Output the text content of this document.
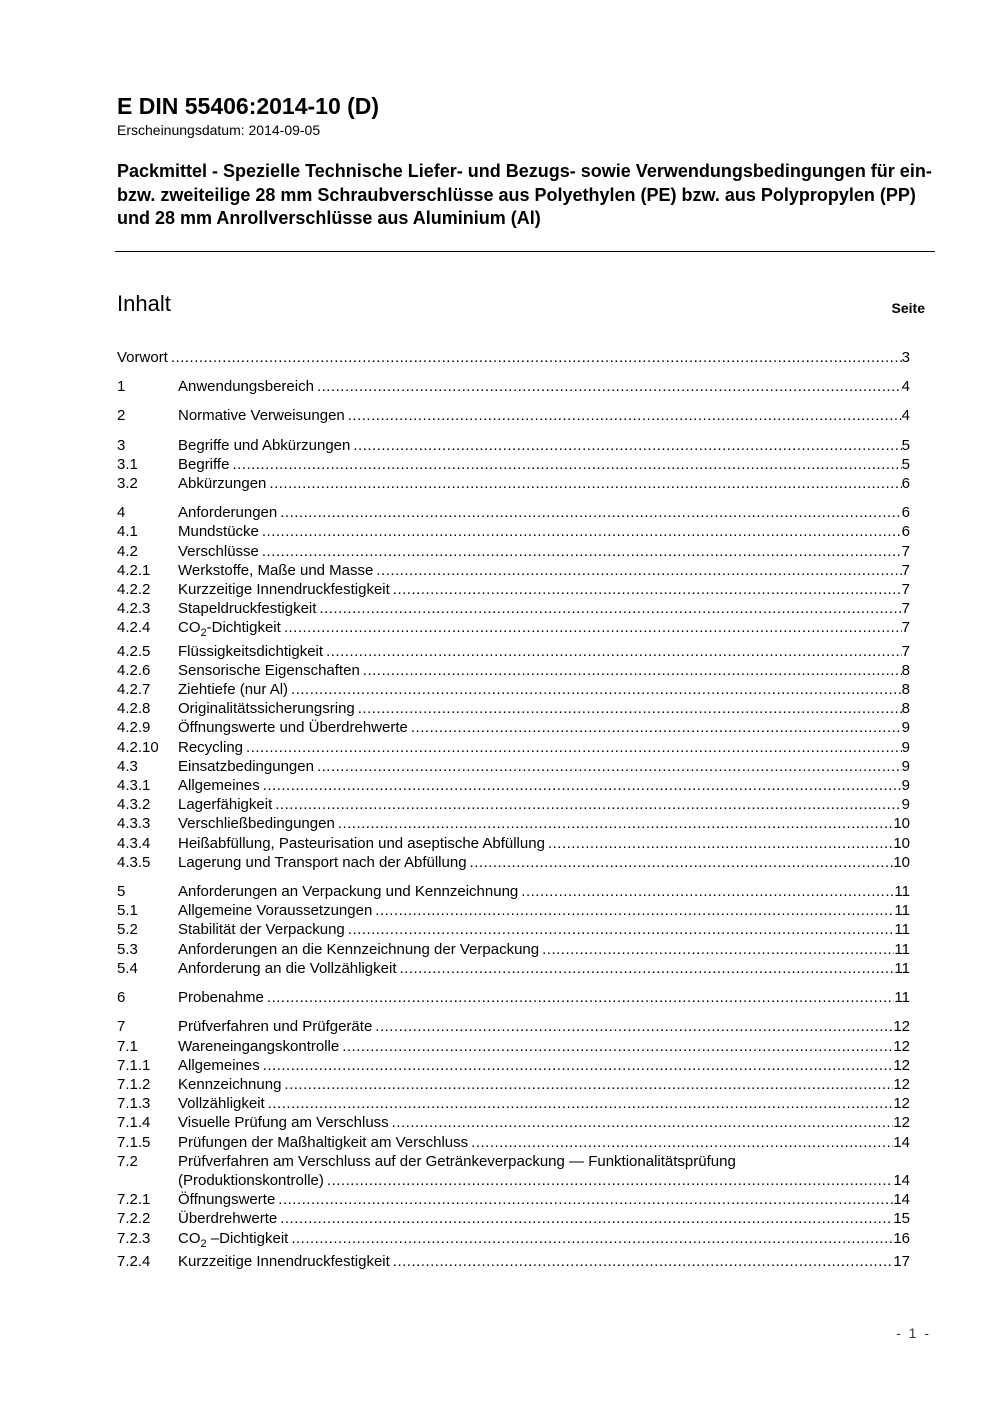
E DIN 55406:2014-10 (D)
Erscheinungsdatum: 2014-09-05
Packmittel - Spezielle Technische Liefer- und Bezugs- sowie Verwendungsbedingungen für ein- bzw. zweiteilige 28 mm Schraubverschlüsse aus Polyethylen (PE) bzw. aus Polypropylen (PP) und 28 mm Anrollverschlüsse aus Aluminium (Al)
Inhalt	Seite
Vorwort .....	3
1	Anwendungsbereich .....	4
2	Normative Verweisungen .....	4
3	Begriffe und Abkürzungen .....	5
3.1	Begriffe .....	5
3.2	Abkürzungen .....	6
4	Anforderungen .....	6
4.1	Mundstücke .....	6
4.2	Verschlüsse .....	7
4.2.1	Werkstoffe, Maße und Masse .....	7
4.2.2	Kurzzeitige Innendruckfestigkeit .....	7
4.2.3	Stapeldruckfestigkeit .....	7
4.2.4	$CO_2$-Dichtigkeit .....	7
4.2.5	Flüssigkeitsdichtigkeit .....	7
4.2.6	Sensorische Eigenschaften .....	8
4.2.7	Ziehtiefe (nur Al) .....	8
4.2.8	Originalitätssicherungsring .....	8
4.2.9	Öffnungswerte und Überdrehwerte .....	9
4.2.10	Recycling .....	9
4.3	Einsatzbedingungen .....	9
4.3.1	Allgemeines .....	9
4.3.2	Lagerfähigkeit .....	9
4.3.3	Verschließbedingungen .....	10
4.3.4	Heißabfüllung, Pasteurisation und aseptische Abfüllung .....	10
4.3.5	Lagerung und Transport nach der Abfüllung .....	10
5	Anforderungen an Verpackung und Kennzeichnung .....	11
5.1	Allgemeine Voraussetzungen .....	11
5.2	Stabilität der Verpackung .....	11
5.3	Anforderungen an die Kennzeichnung der Verpackung .....	11
5.4	Anforderung an die Vollzähligkeit .....	11
6	Probenahme .....	11
7	Prüfverfahren und Prüfgeräte .....	12
7.1	Wareneingangskontrolle .....	12
7.1.1	Allgemeines .....	12
7.1.2	Kennzeichnung .....	12
7.1.3	Vollzähligkeit .....	12
7.1.4	Visuelle Prüfung am Verschluss .....	12
7.1.5	Prüfungen der Maßhaltigkeit am Verschluss .....	14
7.2	Prüfverfahren am Verschluss auf der Getränkeverpackung — Funktionalitätsprüfung
(Produktionskontrolle) .....	14
7.2.1	Öffnungswerte .....	14
7.2.2	Überdrehwerte .....	15
7.2.3	$CO_2$ –Dichtigkeit .....	16
7.2.4	Kurzzeitige Innendruckfestigkeit .....	17
- 1 -
